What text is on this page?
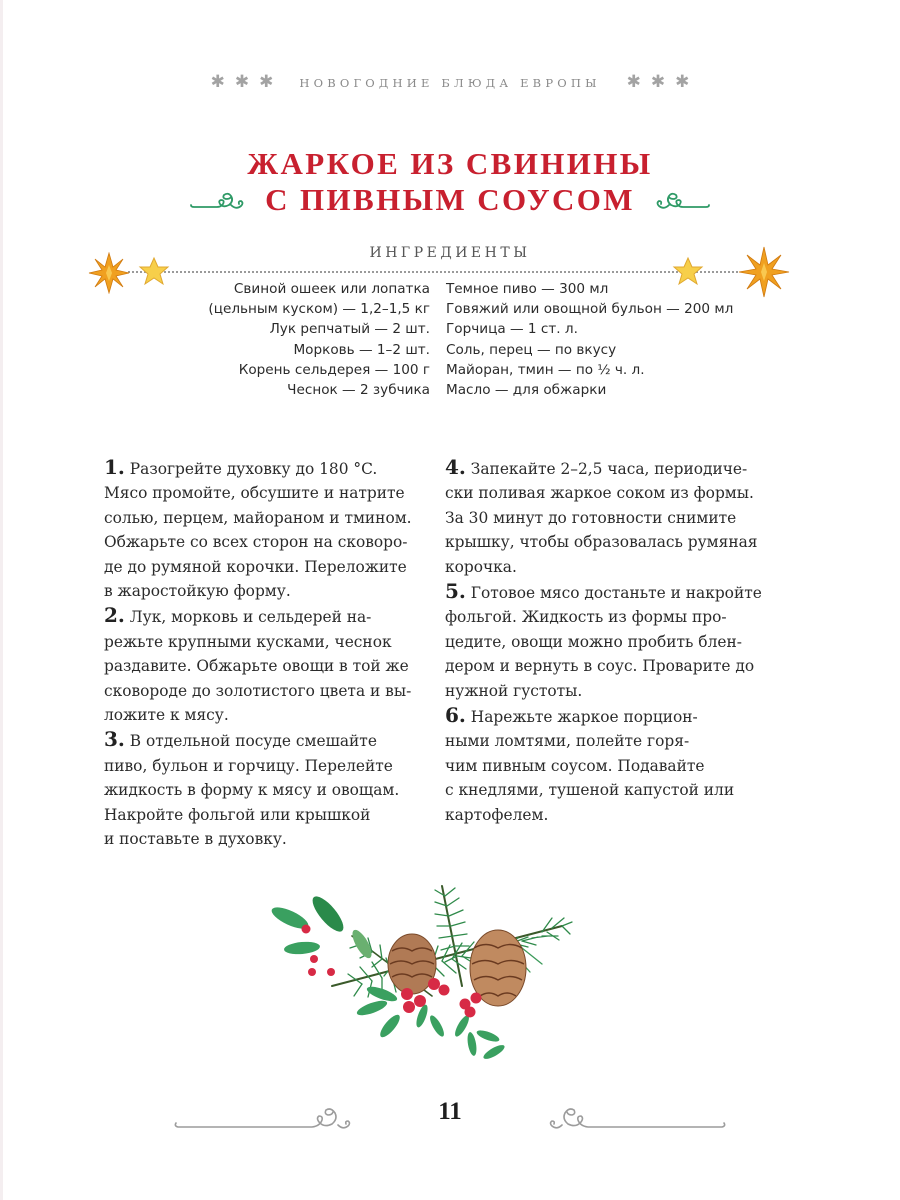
✱ ✱ ✱ НОВОГОДНИЕ БЛЮДА ЕВРОПЫ ✱ ✱ ✱
ЖАРКОЕ ИЗ СВИНИНЫ
С ПИВНЫМ СОУСОМ
ИНГРЕДИЕНТЫ
Свиной ошеек или лопатка
(цельным куском) — 1,2–1,5 кг
Лук репчатый — 2 шт.
Морковь — 1–2 шт.
Корень сельдерея — 100 г
Чеснок — 2 зубчика
Темное пиво — 300 мл
Говяжий или овощной бульон — 200 мл
Горчица — 1 ст. л.
Соль, перец — по вкусу
Майоран, тмин — по ½ ч. л.
Масло — для обжарки
1. Разогрейте духовку до 180 °C.
Мясо промойте, обсушите и натрите
солью, перцем, майораном и тмином.
Обжарьте со всех сторон на сковоро-
де до румяной корочки. Переложите
в жаростойкую форму.
2. Лук, морковь и сельдерей на-
режьте крупными кусками, чеснок
раздавите. Обжарьте овощи в той же
сковороде до золотистого цвета и вы-
ложите к мясу.
3. В отдельной посуде смешайте
пиво, бульон и горчицу. Перелейте
жидкость в форму к мясу и овощам.
Накройте фольгой или крышкой
и поставьте в духовку.
4. Запекайте 2–2,5 часа, периодиче-
ски поливая жаркое соком из формы.
За 30 минут до готовности снимите
крышку, чтобы образовалась румяная
корочка.
5. Готовое мясо достаньте и накройте
фольгой. Жидкость из формы про-
цедите, овощи можно пробить блен-
дером и вернуть в соус. Проварите до
нужной густоты.
6. Нарежьте жаркое порцион-
ными ломтями, полейте горя-
чим пивным соусом. Подавайте
с кнедлями, тушеной капустой или
картофелем.
11
